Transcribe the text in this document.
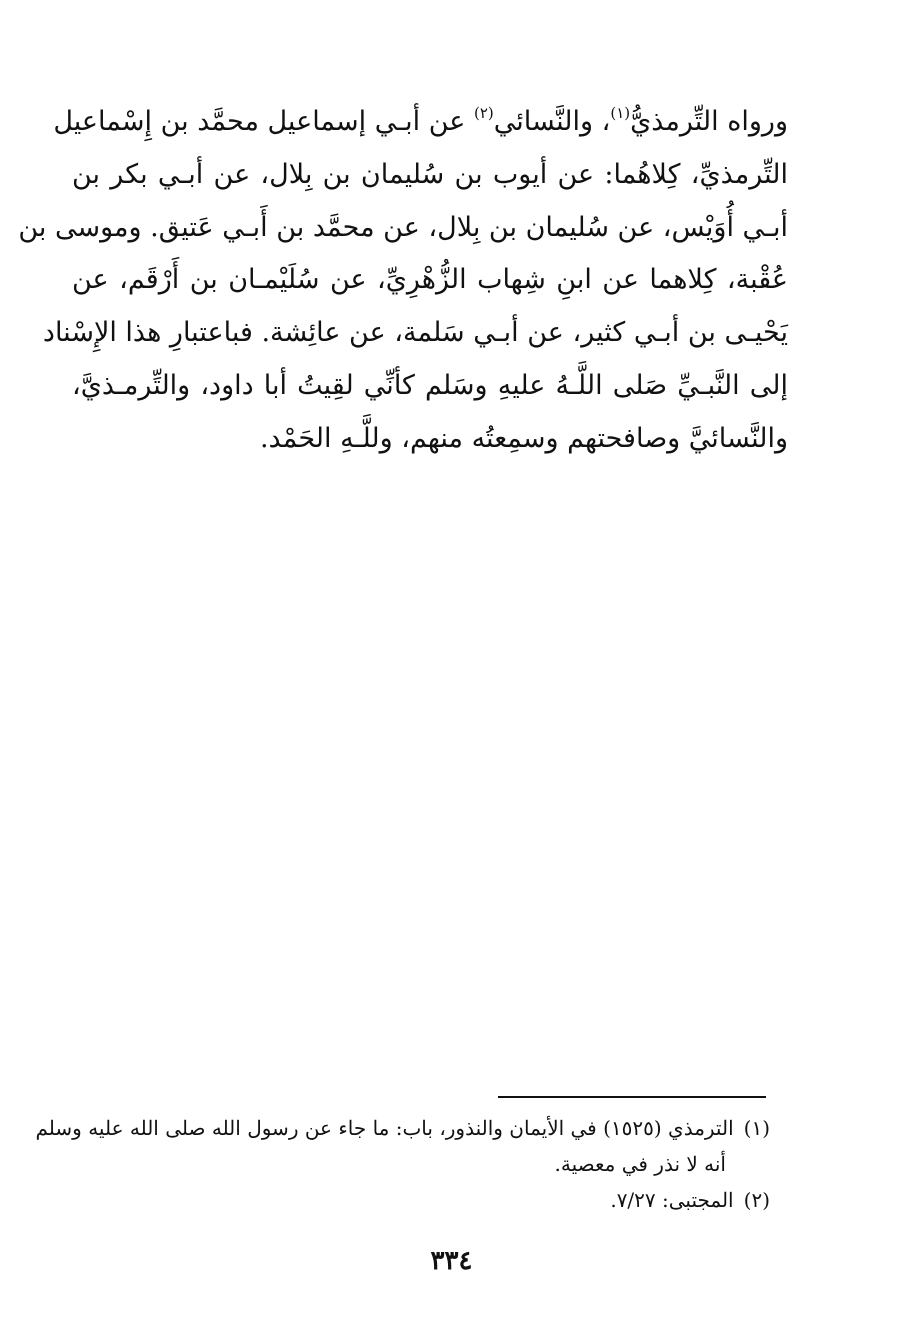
ورواه التِّرمذيُّ$^{(١)}$، والنَّسائي$^{(٢)}$ عن أبـي إسماعيل محمَّد بن إِسْماعيل
التِّرمذيِّ، كِلاهُما: عن أيوب بن سُليمان بن بِلال، عن أبـي بكر بن
أبـي أُوَيْس، عن سُليمان بن بِلال، عن محمَّد بن أَبـي عَتيق. وموسى بن
عُقْبة، كِلاهما عن ابنِ شِهاب الزُّهْرِيِّ، عن سُلَيْمـان بن أَرْقَم، عن
يَحْيـى بن أبـي كثير، عن أبـي سَلمة، عن عائِشة. فباعتبارِ هذا الإِسْناد
إلى النَّبـيِّ صَلى اللَّـهُ عليهِ وسَلم كأنِّي لقِيتُ أبا داود، والتِّرمـذيَّ،
والنَّسائيَّ وصافحتهم وسمِعتُه منهم، وللَّـهِ الحَمْد.
(١)الترمذي (١٥٢٥) في الأيمان والنذور، باب: ما جاء عن رسول الله صلى الله عليه وسلم
أنه لا نذر في معصية.
(٢)المجتبى: ٧/٢٧.
٣٣٤
